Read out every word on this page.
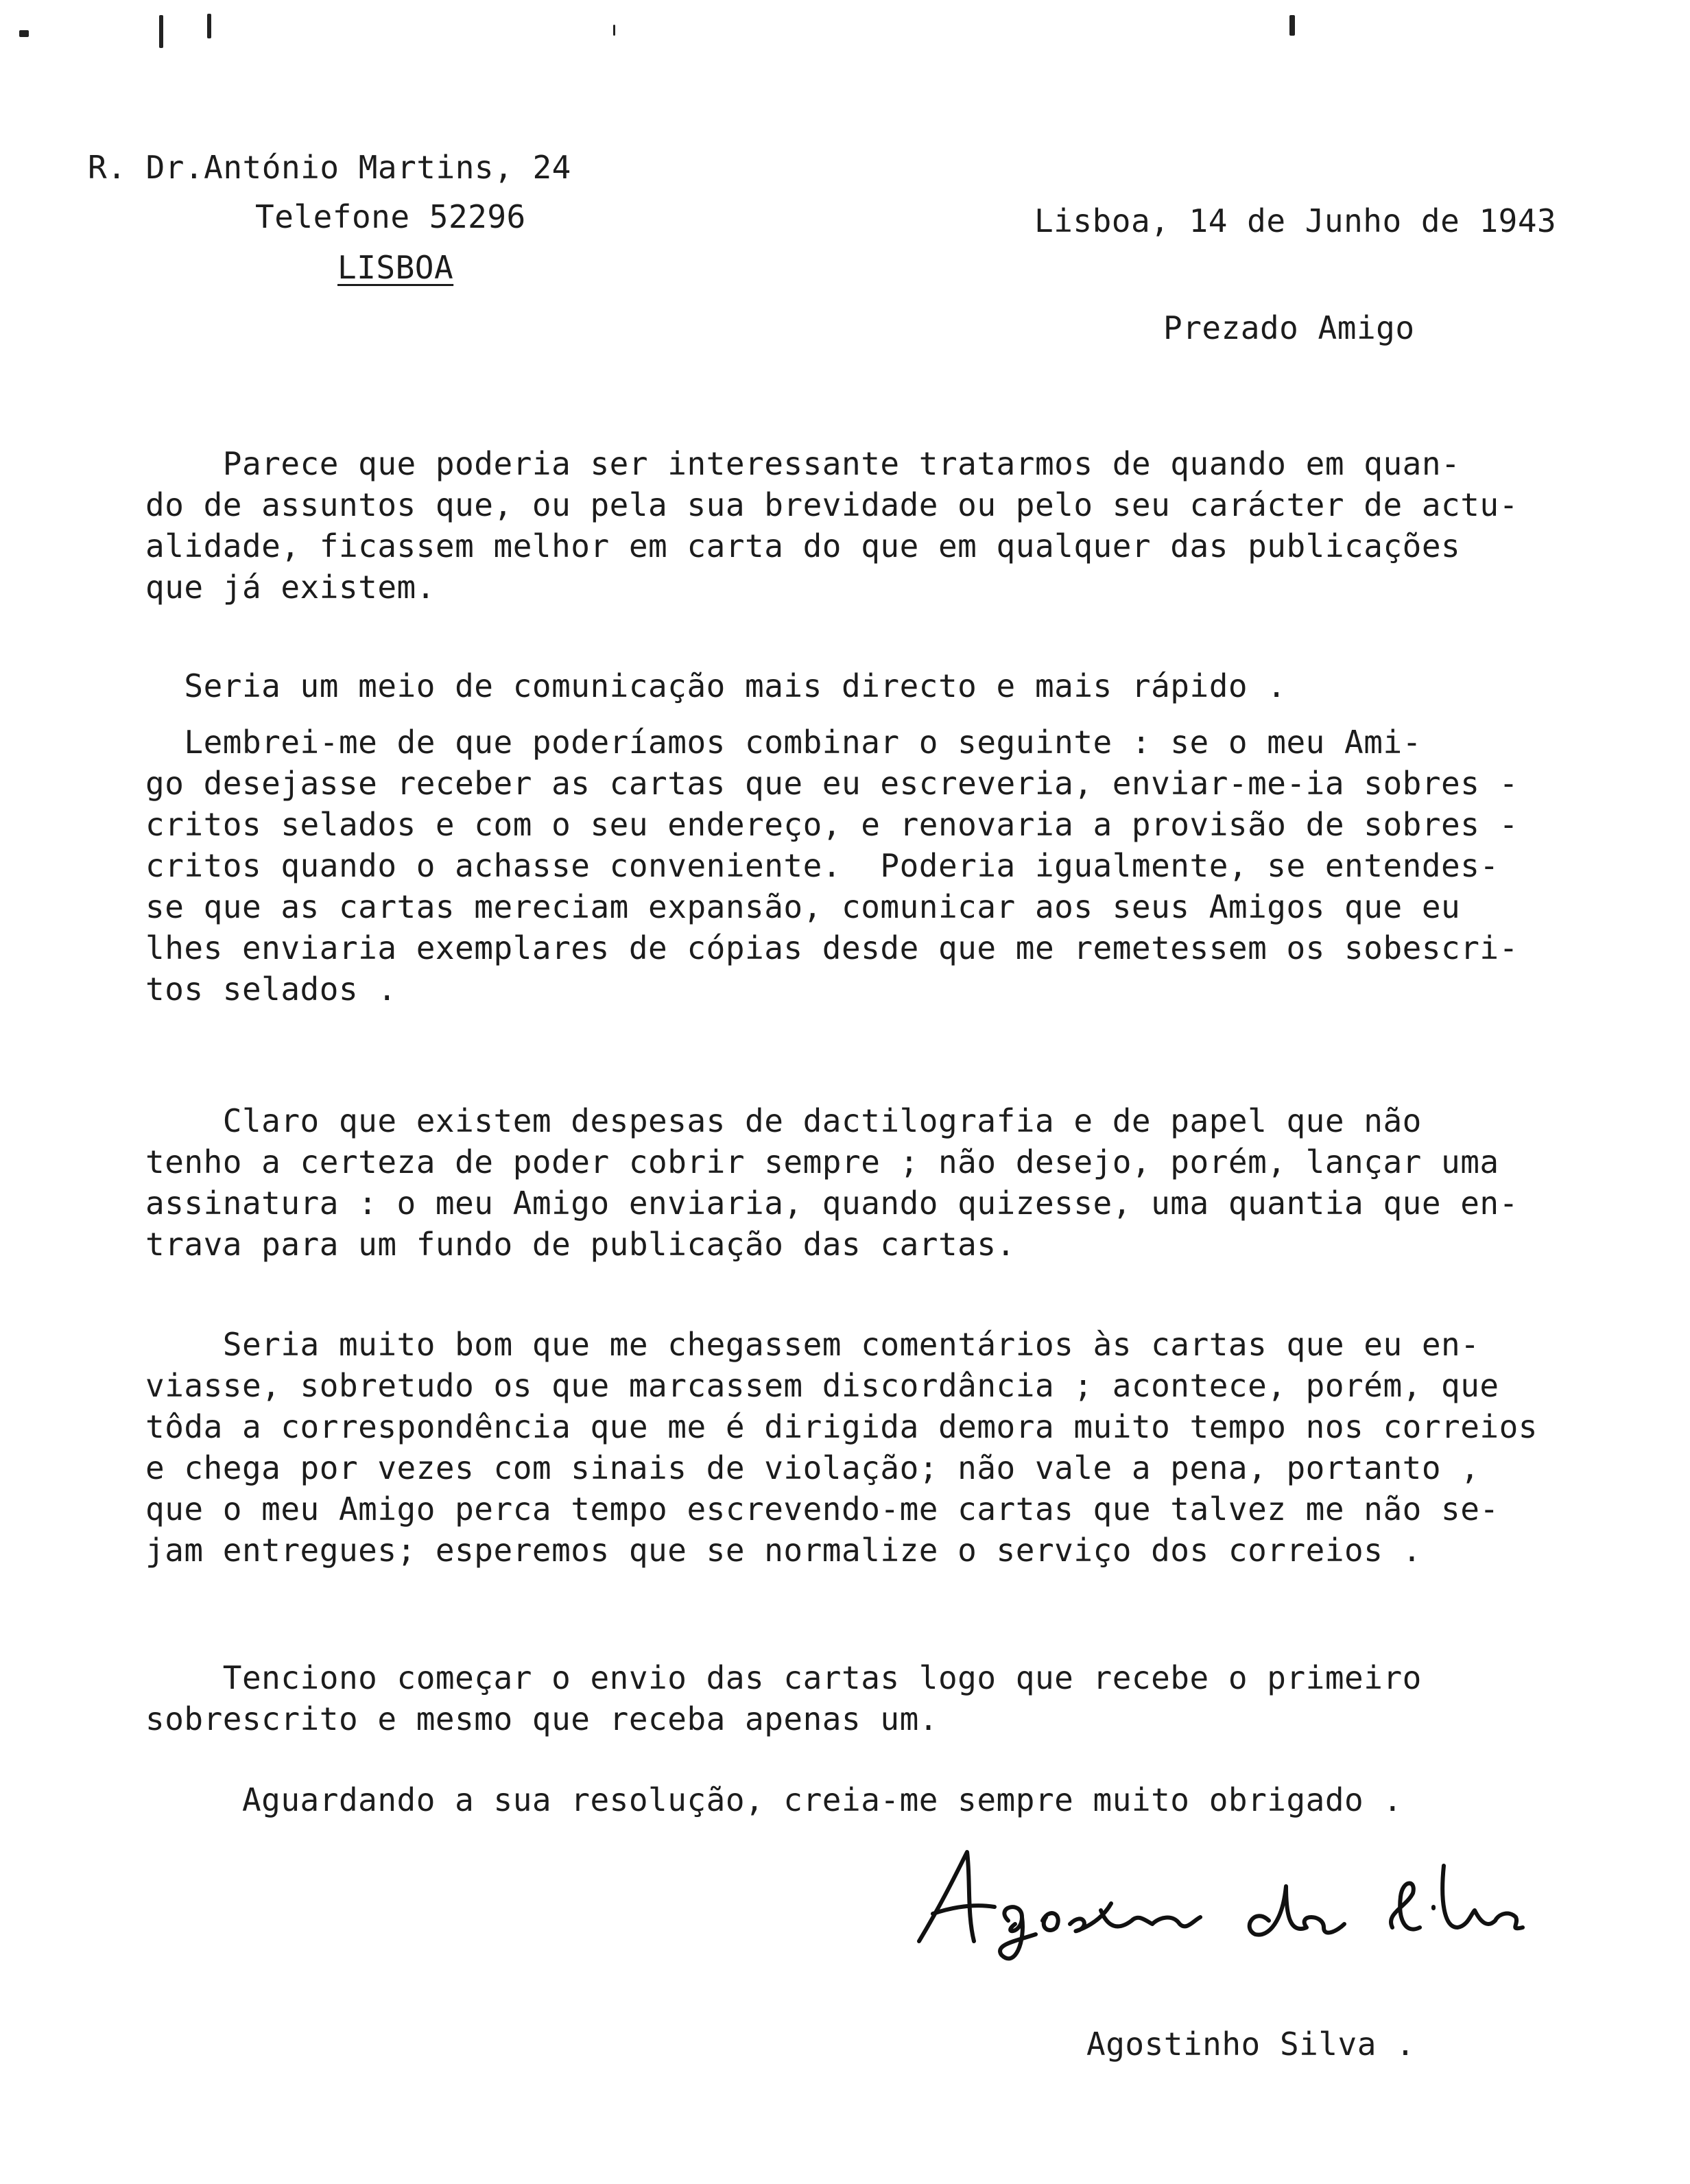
R. Dr.António Martins, 24
Telefone 52296
LISBOA
Lisboa, 14 de Junho de 1943
Prezado Amigo
Parece que poderia ser interessante tratarmos de quando em quan-
do de assuntos que, ou pela sua brevidade ou pelo seu carácter de actu-
alidade, ficassem melhor em carta do que em qualquer das publicações
que já existem.
Seria um meio de comunicação mais directo e mais rápido .
Lembrei-me de que poderíamos combinar o seguinte : se o meu Ami-
go desejasse receber as cartas que eu escreveria, enviar-me-ia sobres -
critos selados e com o seu endereço, e renovaria a provisão de sobres -
critos quando o achasse conveniente.  Poderia igualmente, se entendes-
se que as cartas mereciam expansão, comunicar aos seus Amigos que eu
lhes enviaria exemplares de cópias desde que me remetessem os sobescri-
tos selados .
Claro que existem despesas de dactilografia e de papel que não
tenho a certeza de poder cobrir sempre ; não desejo, porém, lançar uma
assinatura : o meu Amigo enviaria, quando quizesse, uma quantia que en-
trava para um fundo de publicação das cartas.
Seria muito bom que me chegassem comentários às cartas que eu en-
viasse, sobretudo os que marcassem discordância ; acontece, porém, que
tôda a correspondência que me é dirigida demora muito tempo nos correios
e chega por vezes com sinais de violação; não vale a pena, portanto ,
que o meu Amigo perca tempo escrevendo-me cartas que talvez me não se-
jam entregues; esperemos que se normalize o serviço dos correios .
Tenciono começar o envio das cartas logo que recebe o primeiro
sobrescrito e mesmo que receba apenas um.
Aguardando a sua resolução, creia-me sempre muito obrigado .
Agostinho Silva .
